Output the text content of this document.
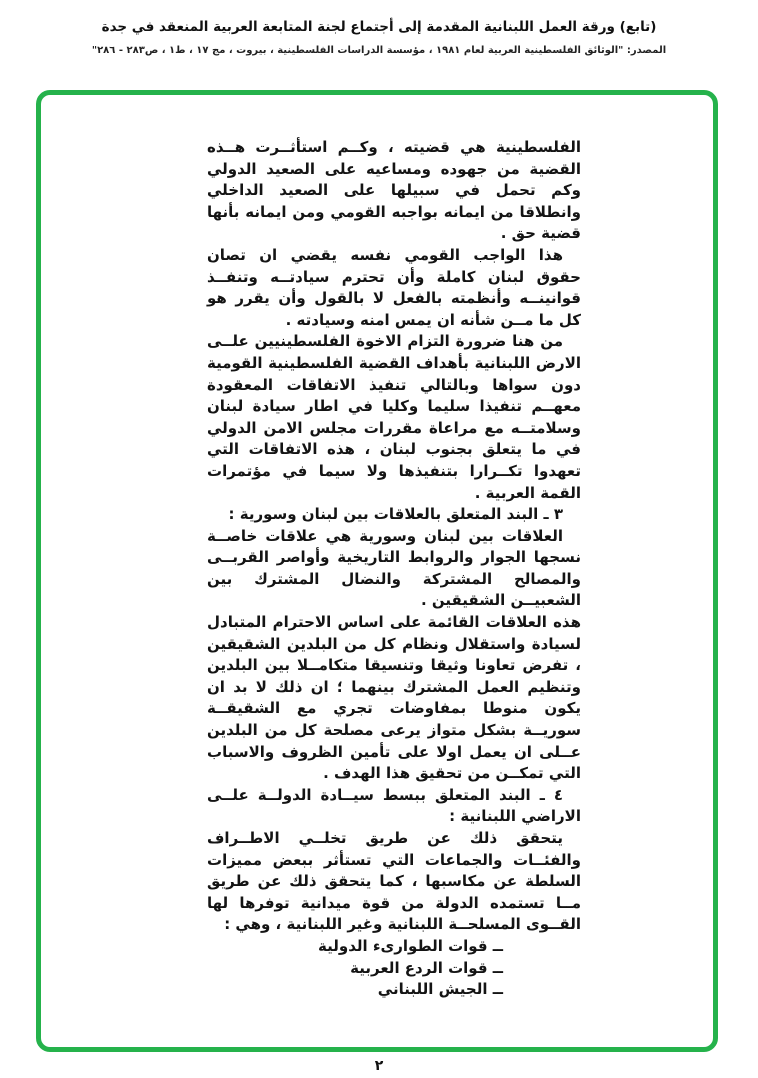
(تابع) ورقة العمل اللبنانية المقدمة إلى أجتماع لجنة المتابعة العربية المنعقد في جدة
المصدر: "الوثائق الفلسطينية العربية لعام ١٩٨١ ، مؤسسة الدراسات الفلسطينية ، بيروت ، مج ١٧ ، ط١ ، ص٢٨٣ - ٢٨٦"

الفلسطينية هي قضيته ، وكــم استأثــرت هــذه القضية من جهوده ومساعيه على الصعيد الدولي وكم تحمل في سبيلها على الصعيد الداخلي وانطلاقا من ايمانه بواجبه القومي ومن ايمانه بأنها قضية حق .

هذا الواجب القومي نفسه يقضي ان تصان حقوق لبنان كاملة وأن تحترم سيادتــه وتنفــذ قوانينــه وأنظمته بالفعل لا بالقول وأن يقرر هو كل ما مــن شأنه ان يمس امنه وسيادته .

من هنا ضرورة التزام الاخوة الفلسطينيين علــى الارض اللبنانية بأهداف القضية الفلسطينية القومية دون سواها وبالتالي تنفيذ الاتفاقات المعقودة معهــم تنفيذا سليما وكليا في اطار سيادة لبنان وسلامتــه مع مراعاة مقررات مجلس الامن الدولي في ما يتعلق بجنوب لبنان ، هذه الاتفاقات التي تعهدوا تكــرارا بتنفيذها ولا سيما في مؤتمرات القمة العربية .

٣ ـ البند المتعلق بالعلاقات بين لبنان وسورية :

العلاقات بين لبنان وسورية هي علاقات خاصــة نسجها الجوار والروابط التاريخية وأواصر القربــى والمصالح المشتركة والنضال المشترك بين الشعبيــن الشقيقين .

هذه العلاقات القائمة على اساس الاحترام المتبادل لسيادة واستقلال ونظام كل من البلدين الشقيقين ، تفرض تعاونا وثيقا وتنسيقا متكامــلا بين البلدين وتنظيم العمل المشترك بينهما ؛ ان ذلك لا بد ان يكون منوطا بمفاوضات تجري مع الشقيقــة سوريــة بشكل متواز يرعى مصلحة كل من البلدين عــلى ان يعمل اولا على تأمين الظروف والاسباب التي تمكــن من تحقيق هذا الهدف .

٤ ـ البند المتعلق ببسط سيــادة الدولــة علــى الاراضي اللبنانية :

يتحقق ذلك عن طريق تخلــي الاطــراف والفئــات والجماعات التي تستأثر ببعض مميزات السلطة عن مكاسبها ، كما يتحقق ذلك عن طريق مــا تستمده الدولة من قوة ميدانية توفرها لها القــوى المسلحــة اللبنانية وغير اللبنانية ، وهي :

ــ قوات الطوارىء الدولية

ــ قوات الردع العربية

ــ الجيش اللبناني

٢
